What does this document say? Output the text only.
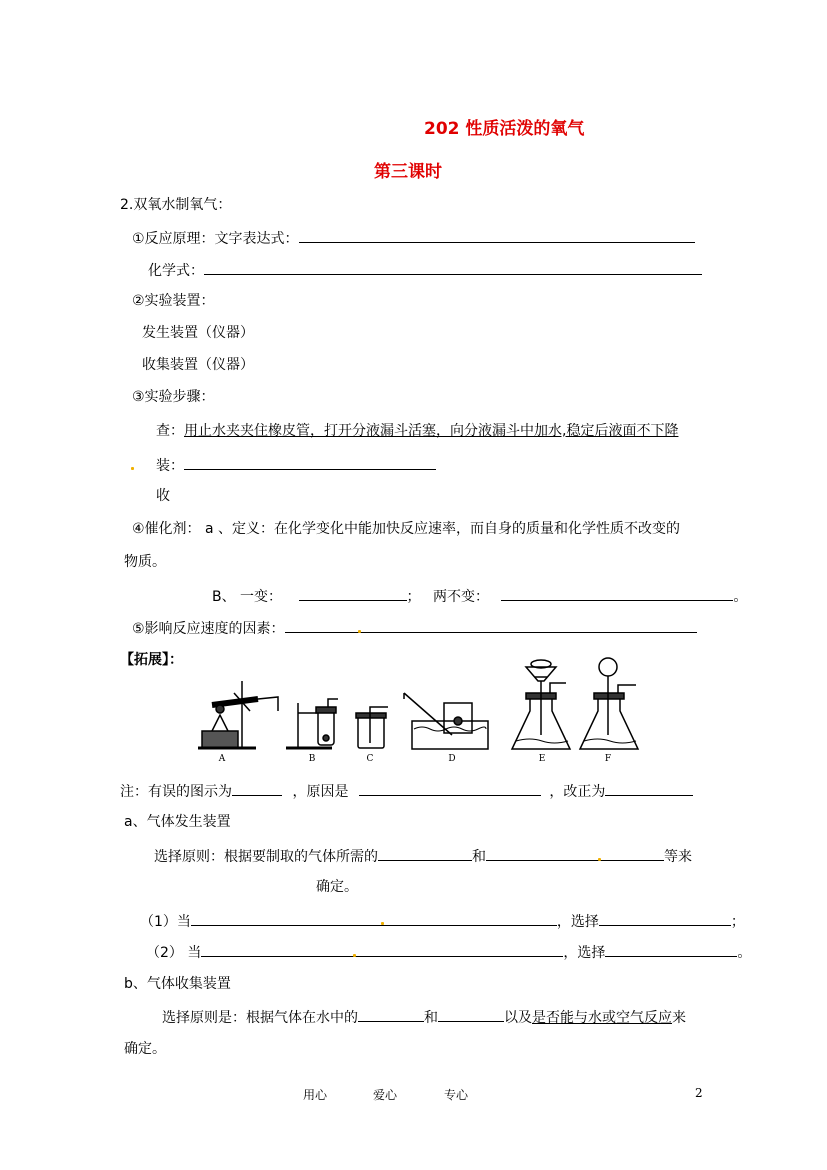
202 性质活泼的氧气
第三课时
2.双氧水制氧气：
①反应原理：文字表达式：
化学式：
②实验装置：
发生装置（仪器）
收集装置（仪器）
③实验步骤：
查：用止水夹夹住橡皮管，打开分液漏斗活塞，向分液漏斗中加水,稳定后液面不下降
装：
收
④催化剂： a 、定义：在化学变化中能加快反应速率，而自身的质量和化学性质不改变的
物质。
B、 一变：	； 两不变：	。
⑤影响反应速度的因素：
【拓展】：
A	B	C	D	E	F
注：有误的图示为	，原因是	，改正为
a、气体发生装置
选择原则：根据要制取的气体所需的	和	等来
确定。
（1）当	，选择	；
（2） 当	，选择	。
b、气体收集装置
选择原则是：根据气体在水中的	和	以及是否能与水或空气反应来
确定。
用心	爱心	专心	2
